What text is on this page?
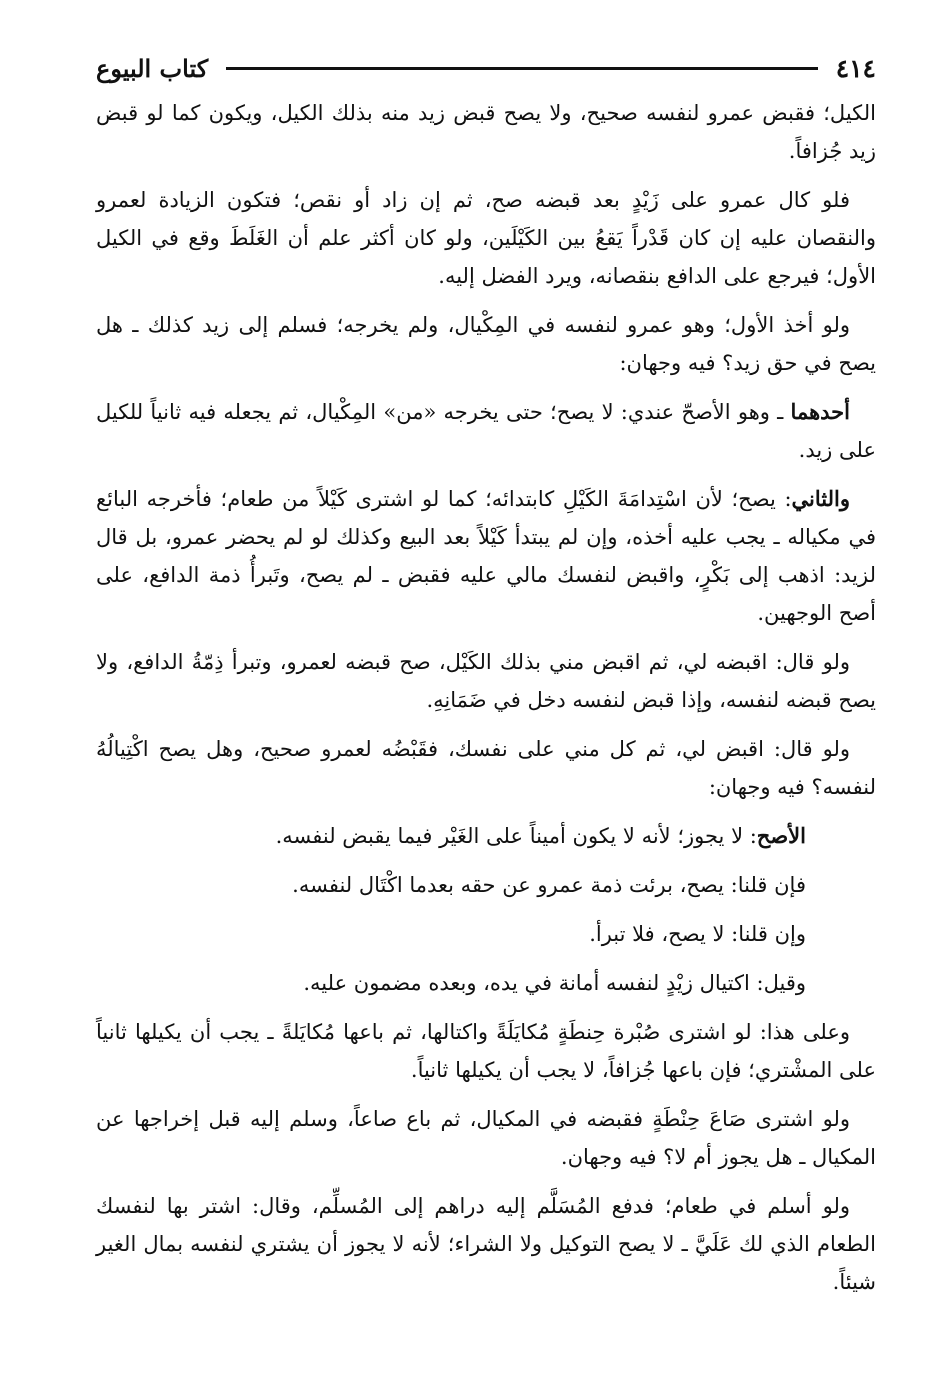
٤١٤
كتاب البيوع

الكيل؛ فقبض عمرو لنفسه صحيح، ولا يصح قبض زيد منه بذلك الكيل، ويكون كما لو قبض زيد جُزافاً.

فلو كال عمرو على زَيْدٍ بعد قبضه صح، ثم إن زاد أو نقص؛ فتكون الزيادة لعمرو والنقصان عليه إن كان قَدْراً يَقعُ بين الكَيْلَين، ولو كان أكثر علم أن الغَلَطَ وقع في الكيل الأول؛ فيرجع على الدافع بنقصانه، ويرد الفضل إليه.

ولو أخذ الأول؛ وهو عمرو لنفسه في المِكْيال، ولم يخرجه؛ فسلم إلى زيد كذلك ـ هل يصح في حق زيد؟ فيه وجهان:

أحدهما ـ وهو الأصحّ عندي: لا يصح؛ حتى يخرجه «من» المِكْيال، ثم يجعله فيه ثانياً للكيل على زيد.

والثاني: يصح؛ لأن اسْتِدامَةَ الكَيْلِ كابتدائه؛ كما لو اشترى كَيْلاً من طعام؛ فأخرجه البائع في مكياله ـ يجب عليه أخذه، وإن لم يبتدأ كَيْلاً بعد البيع وكذلك لو لم يحضر عمرو، بل قال لزيد: اذهب إلى بَكْرٍ، واقبض لنفسك مالي عليه فقبض ـ لم يصح، وتَبرأُ ذمة الدافع، على أصح الوجهين.

ولو قال: اقبضه لي، ثم اقبض مني بذلك الكَيْل، صح قبضه لعمرو، وتبرأ ذِمّةُ الدافع، ولا يصح قبضه لنفسه، وإذا قبض لنفسه دخل في ضَمَانِهِ.

ولو قال: اقبض لي، ثم كل مني على نفسك، فقَبْضُه لعمرو صحيح، وهل يصح اكْتِيالُهُ لنفسه؟ فيه وجهان:

الأصح: لا يجوز؛ لأنه لا يكون أميناً على الغَيْر فيما يقبض لنفسه.

فإن قلنا: يصح، برئت ذمة عمرو عن حقه بعدما اكْتَال لنفسه.

وإن قلنا: لا يصح، فلا تبرأ.

وقيل: اكتيال زيْدٍ لنفسه أمانة في يده، وبعده مضمون عليه.

وعلى هذا: لو اشترى صُبْرة حِنطَةٍ مُكايَلَةً واكتالها، ثم باعها مُكايَلةً ـ يجب أن يكيلها ثانياً على المشْتري؛ فإن باعها جُزافاً، لا يجب أن يكيلها ثانياً.

ولو اشترى صَاعَ حِنْطَةٍ فقبضه في المكيال، ثم باع صاعاً، وسلم إليه قبل إخراجها عن المكيال ـ هل يجوز أم لا؟ فيه وجهان.

ولو أسلم في طعام؛ فدفع المُسَلَّم إليه دراهم إلى المُسلِّم، وقال: اشتر بها لنفسك الطعام الذي لك عَلَيَّ ـ لا يصح التوكيل ولا الشراء؛ لأنه لا يجوز أن يشتري لنفسه بمال الغير شيئاً.
